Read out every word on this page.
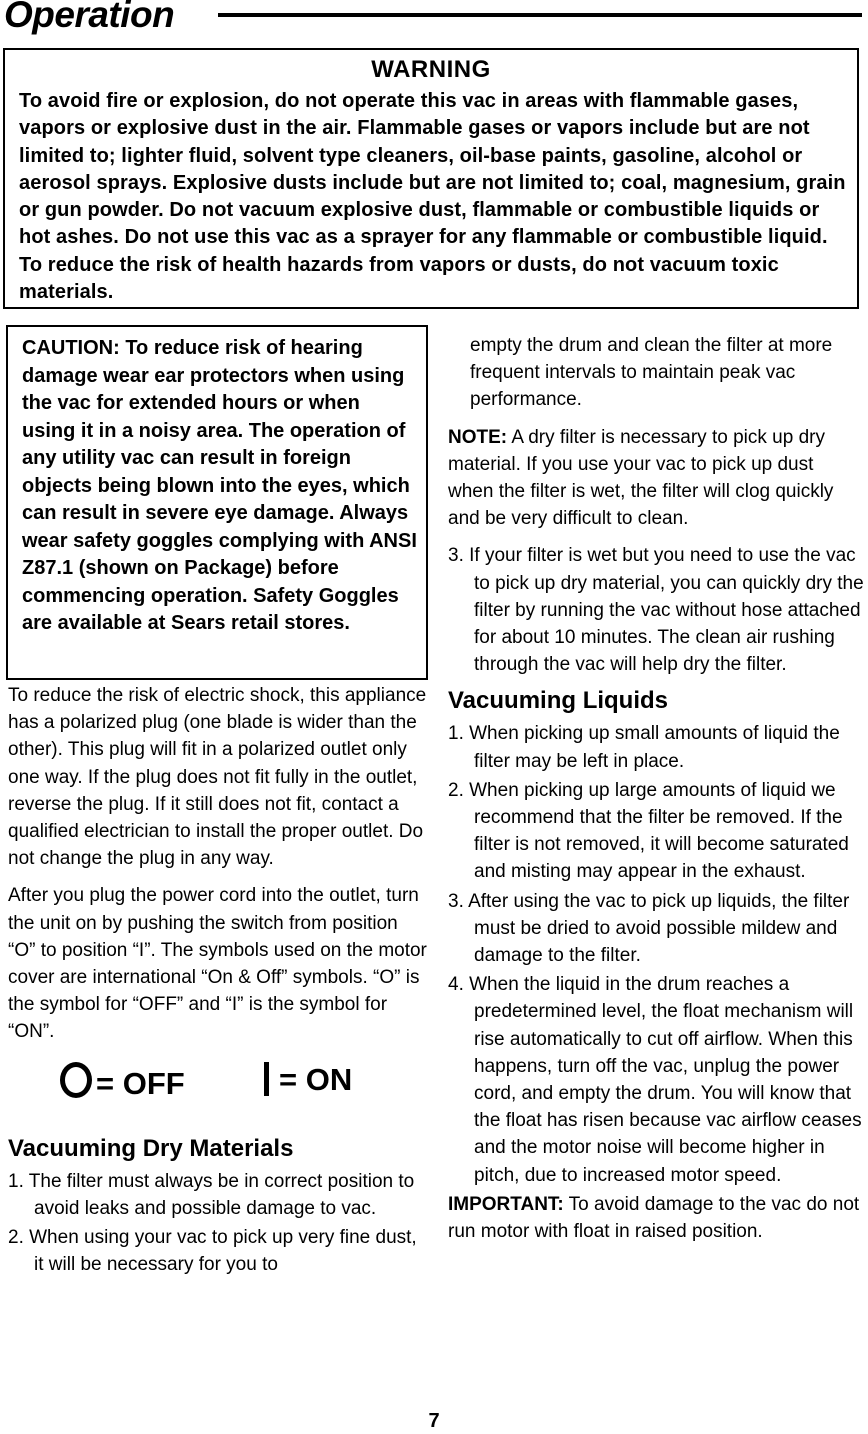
Operation
WARNING
To avoid fire or explosion, do not operate this vac in areas with flammable gases, vapors or explosive dust in the air. Flammable gases or vapors include but are not limited to; lighter fluid, solvent type cleaners, oil-base paints, gasoline, alcohol or aerosol sprays. Explosive dusts include but are not limited to; coal, magnesium, grain or gun powder. Do not vacuum explosive dust, flammable or combustible liquids or hot ashes. Do not use this vac as a sprayer for any flammable or combustible liquid. To reduce the risk of health hazards from vapors or dusts, do not vacuum toxic materials.
CAUTION: To reduce risk of hearing damage wear ear protectors when using the vac for extended hours or when using it in a noisy area. The operation of any utility vac can result in foreign objects being blown into the eyes, which can result in severe eye damage. Always wear safety goggles complying with ANSI Z87.1 (shown on Package) before commencing operation. Safety Goggles are available at Sears retail stores.

To reduce the risk of electric shock, this appliance has a polarized plug (one blade is wider than the other). This plug will fit in a polarized outlet only one way. If the plug does not fit fully in the outlet, reverse the plug. If it still does not fit, contact a qualified electrician to install the proper outlet. Do not change the plug in any way.

After you plug the power cord into the outlet, turn the unit on by pushing the switch from position “O” to position “I”. The symbols used on the motor cover are international “On & Off” symbols. “O” is the symbol for “OFF” and “I” is the symbol for “ON”.

= OFF	= ON
Vacuuming Dry Materials

1. The filter must always be in correct position to avoid leaks and possible damage to vac.

2. When using your vac to pick up very fine dust, it will be necessary for you to

empty the drum and clean the filter at more frequent intervals to maintain peak vac performance.

NOTE: A dry filter is necessary to pick up dry material. If you use your vac to pick up dust when the filter is wet, the filter will clog quickly and be very difficult to clean.

3. If your filter is wet but you need to use the vac to pick up dry material, you can quickly dry the filter by running the vac without hose attached for about 10 minutes. The clean air rushing through the vac will help dry the filter.

Vacuuming Liquids

1. When picking up small amounts of liquid the filter may be left in place.

2. When picking up large amounts of liquid we recommend that the filter be removed. If the filter is not removed, it will become saturated and misting may appear in the exhaust.

3. After using the vac to pick up liquids, the filter must be dried to avoid possible mildew and damage to the filter.

4. When the liquid in the drum reaches a predetermined level, the float mechanism will rise automatically to cut off airflow. When this happens, turn off the vac, unplug the power cord, and empty the drum. You will know that the float has risen because vac airflow ceases and the motor noise will become higher in pitch, due to increased motor speed.

IMPORTANT: To avoid damage to the vac do not run motor with float in raised position.

7
